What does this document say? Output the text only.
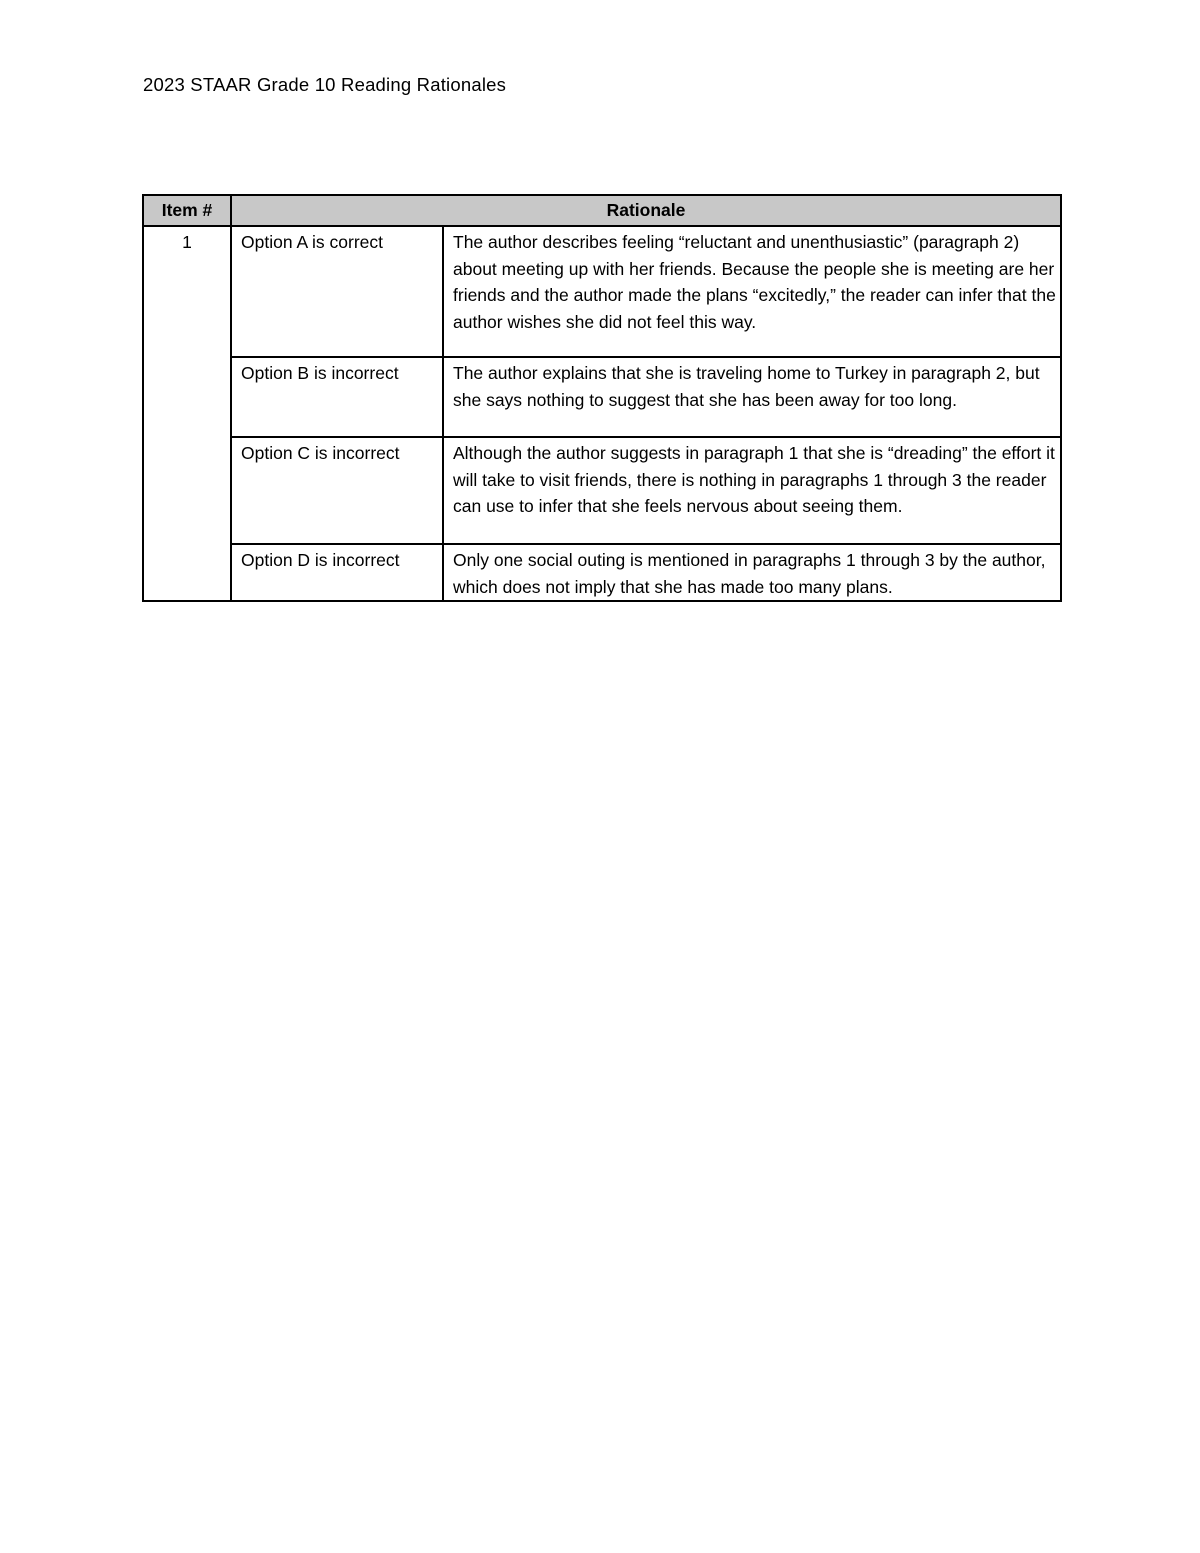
2023 STAAR Grade 10 Reading Rationales
Item #	Rationale	
1	Option A is correct	The author describes feeling “reluctant and unenthusiastic” (paragraph 2) about meeting up with her friends. Because the people she is meeting are her friends and the author made the plans “excitedly,” the reader can infer that the author wishes she did not feel this way.
	Option B is incorrect	The author explains that she is traveling home to Turkey in paragraph 2, but she says nothing to suggest that she has been away for too long.
	Option C is incorrect	Although the author suggests in paragraph 1 that she is “dreading” the effort it will take to visit friends, there is nothing in paragraphs 1 through 3 the reader can use to infer that she feels nervous about seeing them.
	Option D is incorrect	Only one social outing is mentioned in paragraphs 1 through 3 by the author, which does not imply that she has made too many plans.
